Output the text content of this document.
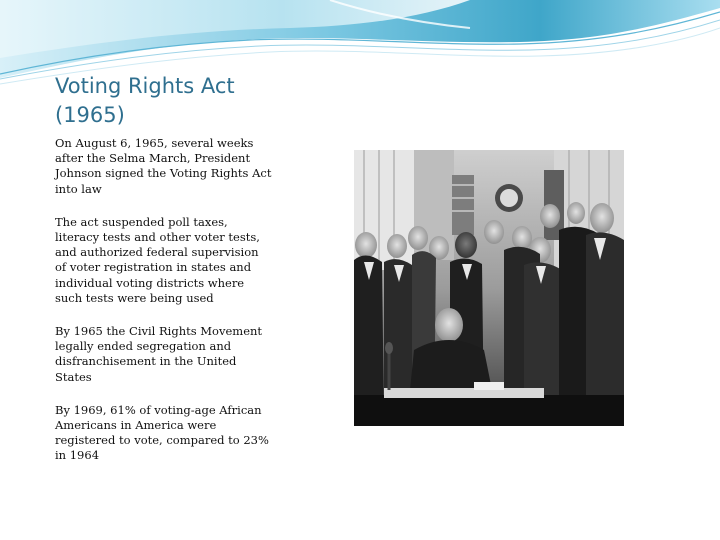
Voting Rights Act
(1965)

On August 6, 1965, several weeks after the Selma March, President Johnson signed the Voting Rights Act into law

The act suspended poll taxes, literacy tests and other voter tests, and authorized federal supervision of voter registration in states and individual voting districts where such tests were being used

By 1965 the Civil Rights Movement legally ended segregation and disfranchisement in the United States

By 1969, 61% of voting-age African Americans in America were registered to vote, compared to 23% in 1964
